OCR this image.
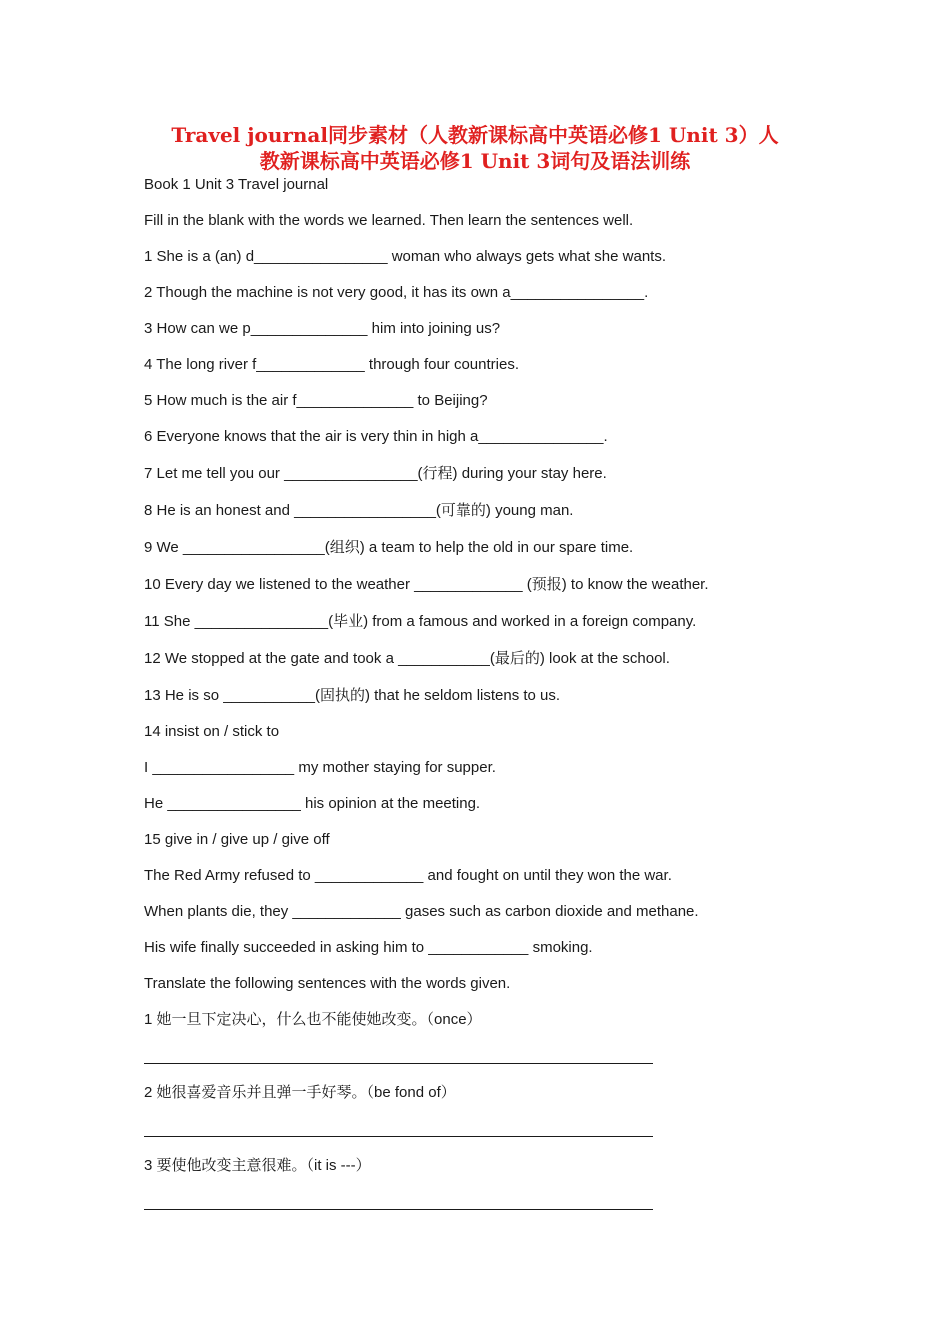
Travel journal同步素材（人教新课标高中英语必修1 Unit 3）人
教新课标高中英语必修1 Unit 3词句及语法训练

Book 1 Unit 3 Travel journal

Fill in the blank with the words we learned. Then learn the sentences well.

1 She is a (an) d________________ woman who always gets what she wants.

2 Though the machine is not very good, it has its own a________________.

3 How can we p______________ him into joining us?

4 The long river f_____________ through four countries.

5 How much is the air f______________ to Beijing?

6 Everyone knows that the air is very thin in high a_______________.

7 Let me tell you our ________________(行程) during your stay here.

8 He is an honest and _________________(可靠的) young man.

9 We _________________(组织) a team to help the old in our spare time.

10 Every day we listened to the weather _____________ (预报) to know the weather.

11 She ________________(毕业) from a famous and worked in a foreign company.

12 We stopped at the gate and took a ___________(最后的) look at the school.

13 He is so ___________(固执的) that he seldom listens to us.

14 insist on / stick to

I _________________ my mother staying for supper.

He ________________ his opinion at the meeting.

15 give in / give up / give off

The Red Army refused to _____________ and fought on until they won the war.

When plants die, they _____________ gases such as carbon dioxide and methane.

His wife finally succeeded in asking him to ____________ smoking.

Translate the following sentences with the words given.

1 她一旦下定决心，什么也不能使她改变。（once）

2 她很喜爱音乐并且弹一手好琴。（be fond of）

3 要使他改变主意很难。（it is ---）
